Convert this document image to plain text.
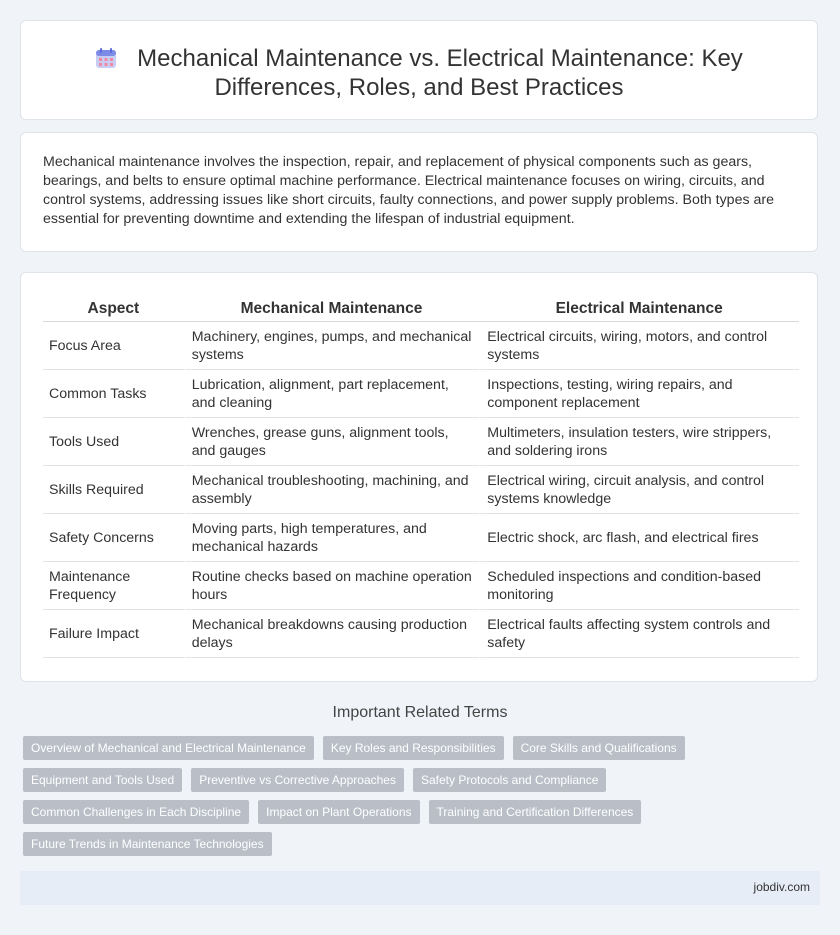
Mechanical Maintenance vs. Electrical Maintenance: Key
Differences, Roles, and Best Practices

Mechanical maintenance involves the inspection, repair, and replacement of physical components such as gears, bearings, and belts to ensure optimal machine performance. Electrical maintenance focuses on wiring, circuits, and control systems, addressing issues like short circuits, faulty connections, and power supply problems. Both types are essential for preventing downtime and extending the lifespan of industrial equipment.

Aspect	Mechanical Maintenance	Electrical Maintenance
Focus Area	Machinery, engines, pumps, and mechanical systems	Electrical circuits, wiring, motors, and control systems
Common Tasks	Lubrication, alignment, part replacement, and cleaning	Inspections, testing, wiring repairs, and component replacement
Tools Used	Wrenches, grease guns, alignment tools, and gauges	Multimeters, insulation testers, wire strippers, and soldering irons
Skills Required	Mechanical troubleshooting, machining, and assembly	Electrical wiring, circuit analysis, and control systems knowledge
Safety Concerns	Moving parts, high temperatures, and mechanical hazards	Electric shock, arc flash, and electrical fires
Maintenance Frequency	Routine checks based on machine operation hours	Scheduled inspections and condition-based monitoring
Failure Impact	Mechanical breakdowns causing production delays	Electrical faults affecting system controls and safety
Important Related Terms
Overview of Mechanical and Electrical Maintenance	Key Roles and Responsibilities	Core Skills and Qualifications
Equipment and Tools Used	Preventive vs Corrective Approaches	Safety Protocols and Compliance
Common Challenges in Each Discipline	Impact on Plant Operations	Training and Certification Differences
Future Trends in Maintenance Technologies
jobdiv.com
